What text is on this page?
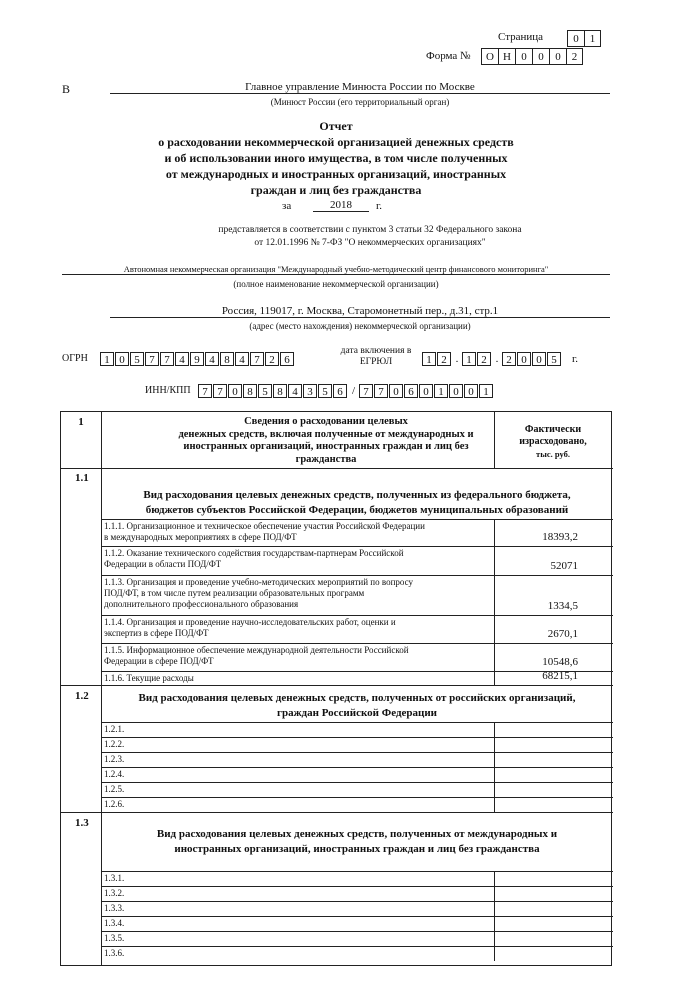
Страница	0	1
Форма №	О Н 0	0	0	2
В	Главное управление Минюста России по Москве
(Минюст России (его территориальный орган)
Отчет
о расходовании некоммерческой организацией денежных средств
и об использовании иного имущества, в том числе полученных
от международных и иностранных организаций, иностранных
граждан и лиц без гражданства
за	2018	г.
представляется в соответствии с пунктом 3 статьи 32 Федерального закона
от 12.01.1996 № 7-ФЗ "О некоммерческих организациях"
Автономная некоммерческая организация "Международный учебно-методический центр финансового мониторинга"
(полное наименование некоммерческой организации)
Россия, 119017, г. Москва, Старомонетный пер., д.31, стр.1
(адрес (место нахождения) некоммерческой организации)
ОГРН	1 0 5 7 7 4 9 4 8 4 7 2 6
дата включения в
ЕГРЮЛ	1 2 . 1 2 . 2 0 0 5	г.
ИНН/КПП	7 7 0 8 5 8 4 3 5 6 / 7 7 0 6 0 1 0 0 1
1	Сведения о расходовании целевых
денежных средств, включая полученные от международных и
иностранных организаций, иностранных граждан и лиц без
гражданства
Фактически
израсходовано,
тыс. руб.
1.1
Вид расходования целевых денежных средств, полученных из федерального бюджета,
бюджетов субъектов Российской Федерации, бюджетов муниципальных образований
1.1.1. Организационное и техническое обеспечение участия Российской Федерации
в международных мероприятиях в сфере ПОД/ФТ	18393,2
1.1.2. Оказание технического содействия государствам-партнерам Российской
Федерации в области ПОД/ФТ	52071
1.1.3. Организация и проведение учебно-методических мероприятий по вопросу
ПОД/ФТ, в том числе путем реализации образовательных программ
дополнительного профессионального образования	1334,5
1.1.4. Организация и проведение научно-исследовательских работ, оценки и
экспертиз в сфере ПОД/ФТ	2670,1
1.1.5. Информационное обеспечение международной деятельности Российской
Федерации в сфере ПОД/ФТ	10548,6
1.1.6. Текущие расходы	68215,1
1.2	Вид расходования целевых денежных средств, полученных от российских организаций,
граждан Российской Федерации
1.2.1.
1.2.2.
1.2.3.
1.2.4.
1.2.5.
1.2.6.
1.3
Вид расходования целевых денежных средств, полученных от международных и
иностранных организаций, иностранных граждан и лиц без гражданства
1.3.1.
1.3.2.
1.3.3.
1.3.4.
1.3.5.
1.3.6.
